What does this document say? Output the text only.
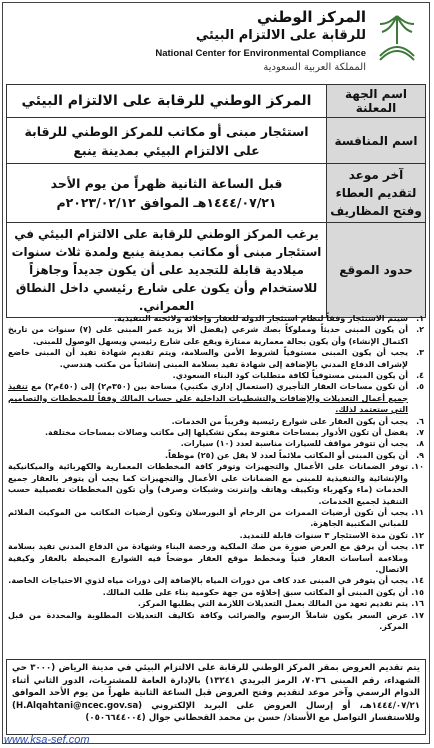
المركز الوطني
للرقابة على الالتزام البيئي
National Center for Environmental Compliance
المملكة العربية السعودية
اسم الجهة المعلنة	المركز الوطني للرقابة على الالتزام البيئي
اسم المنافسة	استئجار مبنى أو مكاتب للمركز الوطني للرقابة على الالتزام البيئي بمدينة ينبع
آخر موعد لتقديم العطاء وفتح المظاريف	قبل الساعة الثانية ظهراً من يوم الأحد ١٤٤٤/٠٧/٢١هـ الموافق ٢٠٢٣/٠٢/١٢م
حدود الموقع	يرغب المركز الوطني للرقابة على الالتزام البيئي في استئجار مبنى أو مكاتب بمدينة ينبع ولمدة ثلاث سنوات ميلادية قابلة للتجديد على أن يكون جديداً وجاهزاً للاستخدام وأن يكون على شارع رئيسي داخل النطاق العمراني.
١.
سيتم الاستئجار وفقاً لنظام استئجار الدولة للعقار وإخلائه ولائحته التنفيذية.
٢.
أن يكون المبنى حديثاً ومملوكاً بصك شرعي (يفضل ألا يزيد عمر المبنى على (٧) سنوات من تاريخ اكتمال الإنشاء) وأن يكون بحالة معمارية ممتازة ويقع على شارع رئيسي ويسهل الوصول للمبنى.
٣.
يجب أن يكون المبنى مستوفياً لشروط الأمن والسلامة، ويتم تقديم شهادة تفيد أن المبنى خاضع لإشراف الدفاع المدني بالإضافة إلى شهادة تفيد بسلامة المبنى إنشائياً من مكتب هندسي.
٤.
أن يكون المبنى مستوفياً لكافة متطلبات كود البناء السعودي.
٥.
أن تكون مساحات العقار التأجيري (استعمال إداري مكتبي) مساحة بين (٣٥٠م٢) إلى (٤٥٠م٢) مع تنفيذ جميع أعمال التعديلات والإضافات والتشطيبات الداخلية على حساب المالك وفقاً للمخططات والتصاميم التي ستعتمد لذلك.
٦.
يجب أن يكون العقار على شوارع رئيسية وقريباً من الخدمات.
٧.
يفضل أن تكون الأدوار بمساحات مفتوحة يمكن تشكيلها إلى مكاتب وصالات بمساحات مختلفة.
٨.
يجب أن تتوفر مواقف للسيارات مناسبة لعدد (١٠) سيارات.
٩.
أن يكون المبنى أو المكاتب ملائماً لعدد لا يقل عن (٢٥) موظفاً.
١٠.
توفر الضمانات على الأعمال والتجهيزات وتوفر كافة المخططات المعمارية والكهربائية والميكانيكية والإنشائية والتنفيذية للمبنى مع الضمانات على الأعمال والتجهيزات كما يجب أن يتوفر بالعقار جميع الخدمات (ماء وكهرباء وتكييف وهاتف وإنترنت وشبكات وصرف) وأن تكون المخططات تفصيلية حسب التنفيذ لجميع الخدمات.
١١.
يجب أن تكون أرضيات الممرات من الرخام أو البورسلان وتكون أرضيات المكاتب من الموكيت الملائم للمباني المكتبية الجاهزة.
١٢.
تكون مدة الاستئجار ٣ سنوات قابلة للتمديد.
١٣.
يجب أن يرفق مع العرض صورة من صك الملكية ورخصة البناء وشهادة من الدفاع المدني تفيد بسلامة وملاءمة أساسات العقار فنياً ومخطط موقع العقار موضحاً فيه الشوارع المحيطة بالعقار وكيفية الاتصال.
١٤.
يجب أن يتوفر في المبنى عدد كاف من دورات المياه بالإضافة إلى دورات مياه لذوي الاحتياجات الخاصة.
١٥.
أن يكون المبنى أو المكاتب سبق إخلاؤه من جهة حكومية بناء على طلب المالك.
١٦.
يتم تقديم تعهد من المالك بعمل التعديلات اللازمة التي يطلبها المركز.
١٧.
عرض السعر يكون شاملاً الرسوم والضرائب وكافة تكاليف التعديلات المطلوبة والمحددة من قبل المركز.
يتم تقديم العروض بمقر المركز الوطني للرقابة على الالتزام البيئي في مدينة الرياض (٣٠٠٠ حي الشهداء، رقم المبنى ٧٠٣٦، الرمز البريدي ١٣٢٤١) بالإدارة العامة للمشتريات، الدور الثاني أثناء الدوام الرسمي وآخر موعد لتقديم وفتح العروض قبل الساعة الثانية ظهراً من يوم الأحد الموافق ١٤٤٤/٠٧/٢١هـ، أو إرسال العروض على البريد الإلكتروني (H.Alqahtani@ncec.gov.sa) وللاستفسار التواصل مع الأستاذ/ حسن بن محمد القحطاني جوال (٠٥٠٦٦٤٤٠٠٤)
www.ksa-sef.com
